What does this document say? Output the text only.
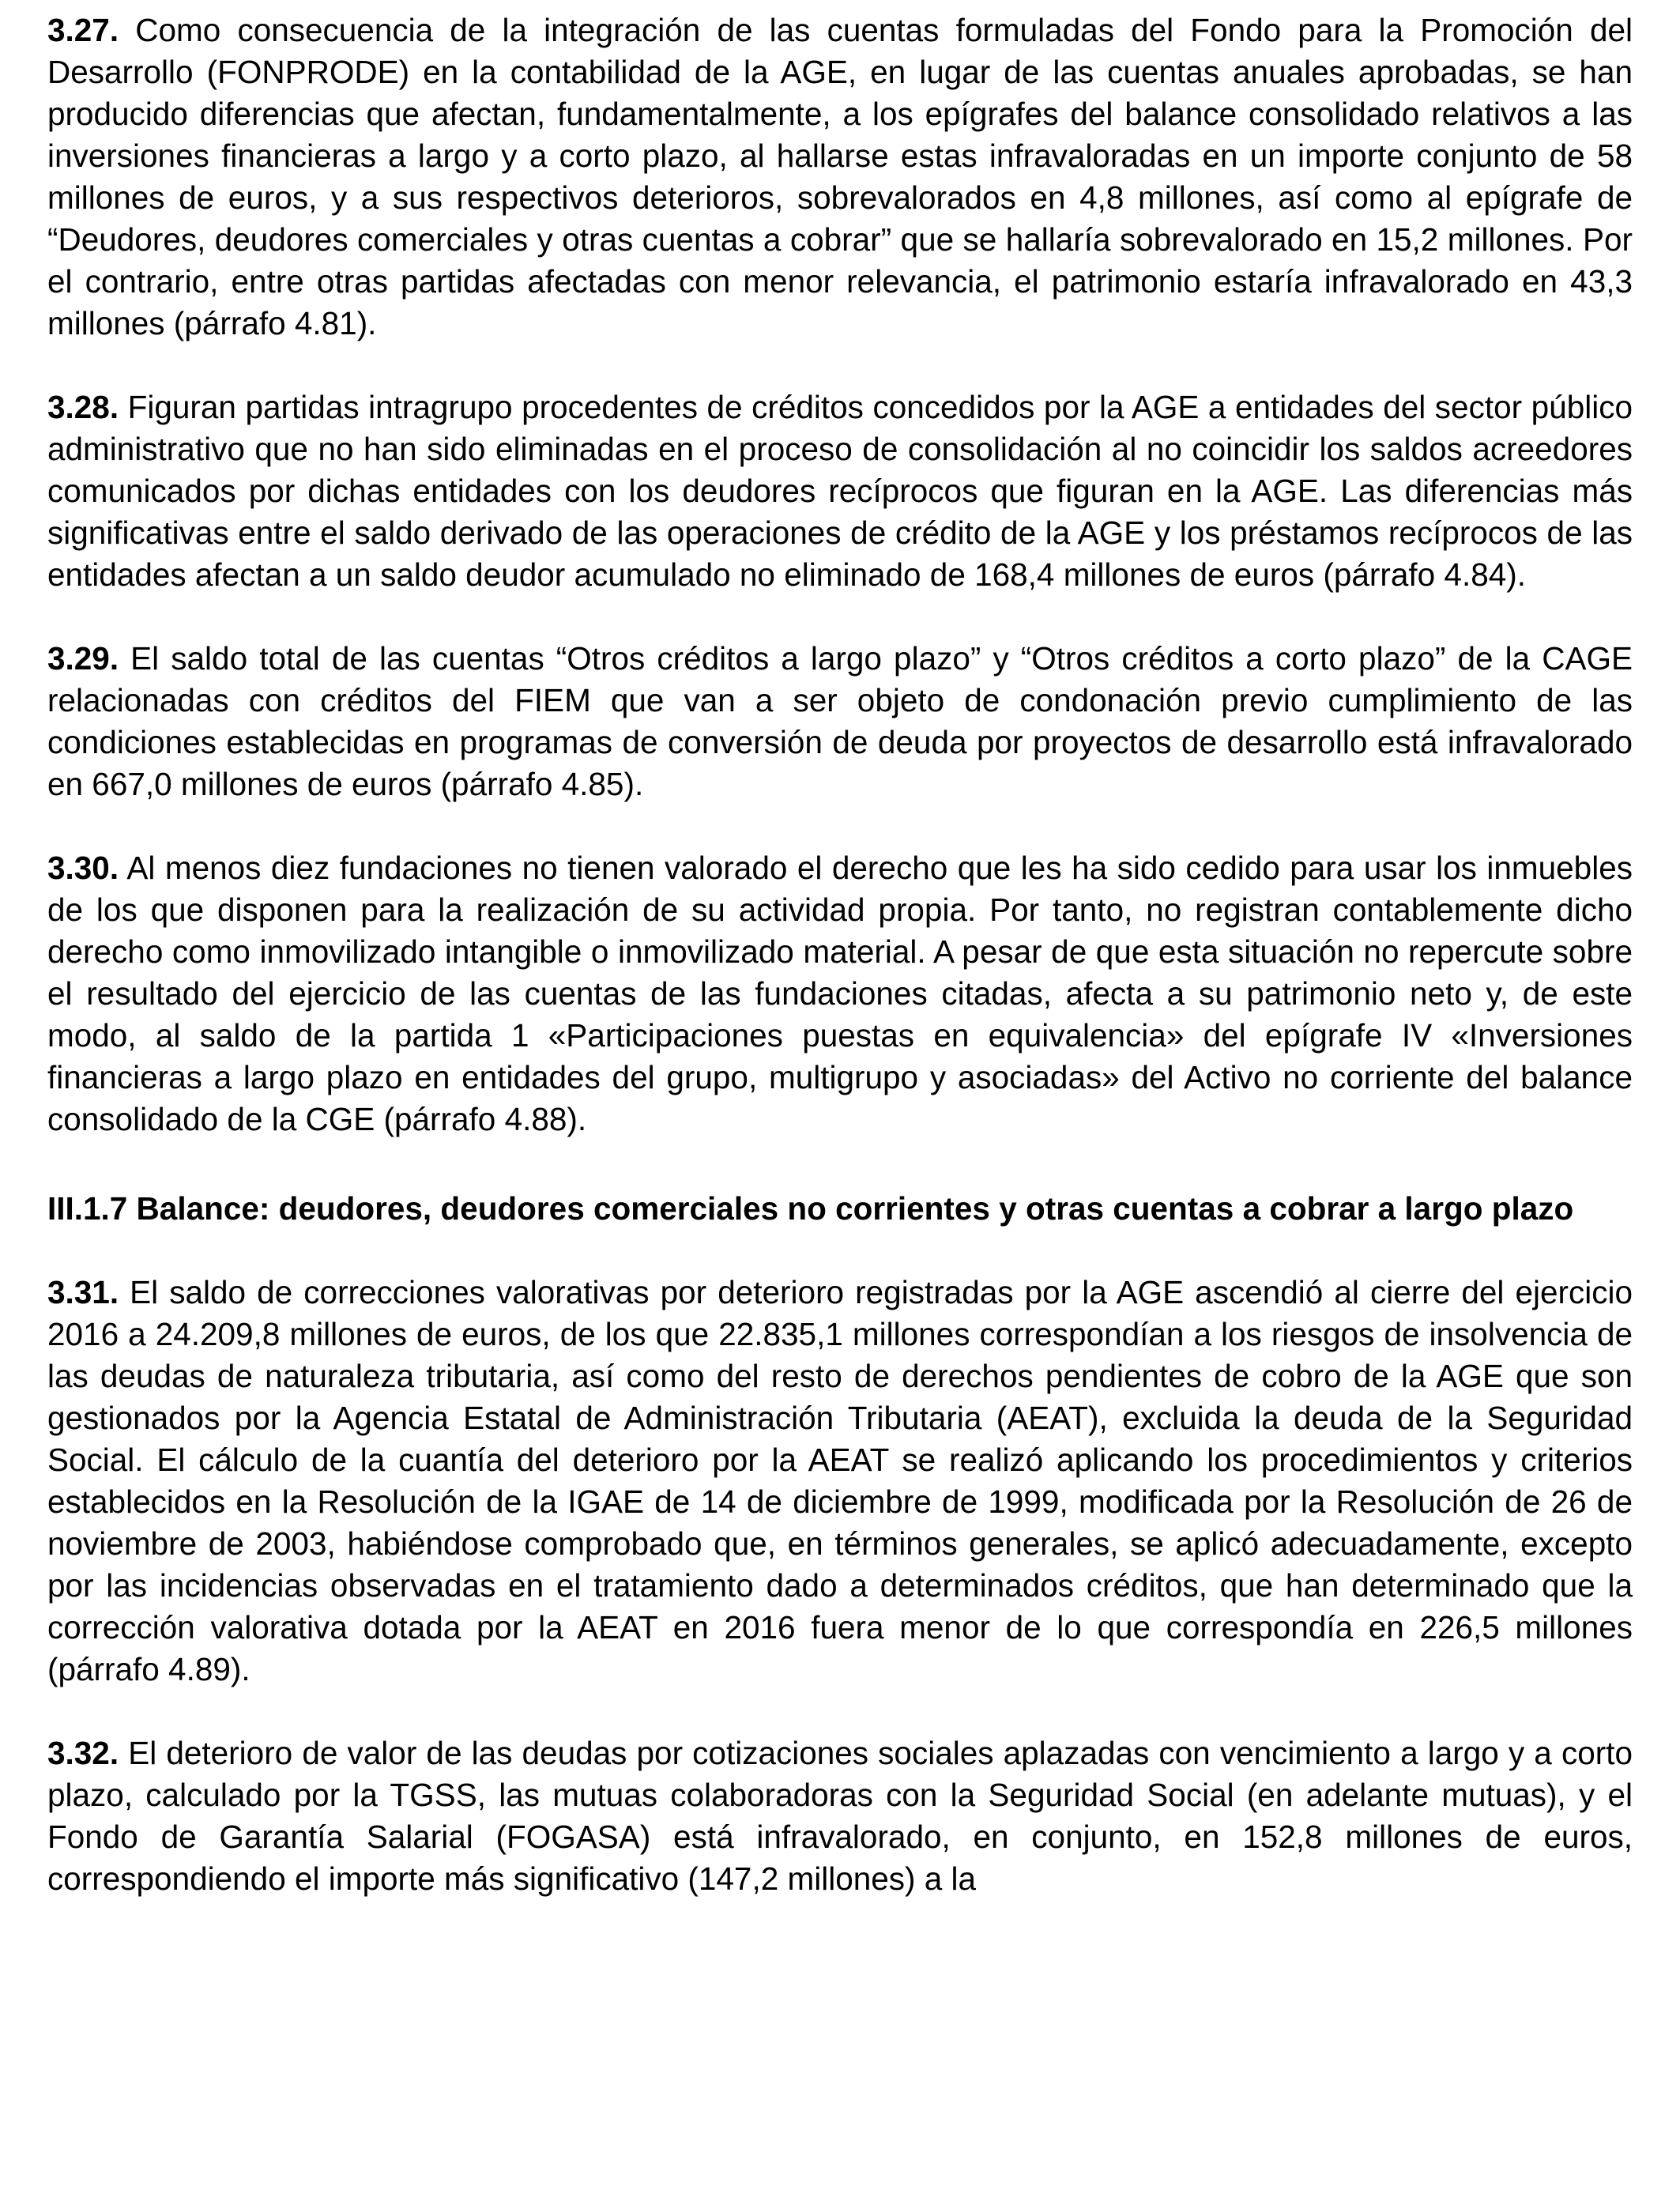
3.27. Como consecuencia de la integración de las cuentas formuladas del Fondo para la Promoción del Desarrollo (FONPRODE) en la contabilidad de la AGE, en lugar de las cuentas anuales aprobadas, se han producido diferencias que afectan, fundamentalmente, a los epígrafes del balance consolidado relativos a las inversiones financieras a largo y a corto plazo, al hallarse estas infravaloradas en un importe conjunto de 58 millones de euros, y a sus respectivos deterioros, sobrevalorados en 4,8 millones, así como al epígrafe de “Deudores, deudores comerciales y otras cuentas a cobrar” que se hallaría sobrevalorado en 15,2 millones. Por el contrario, entre otras partidas afectadas con menor relevancia, el patrimonio estaría infravalorado en 43,3 millones (párrafo 4.81).

3.28. Figuran partidas intragrupo procedentes de créditos concedidos por la AGE a entidades del sector público administrativo que no han sido eliminadas en el proceso de consolidación al no coincidir los saldos acreedores comunicados por dichas entidades con los deudores recíprocos que figuran en la AGE. Las diferencias más significativas entre el saldo derivado de las operaciones de crédito de la AGE y los préstamos recíprocos de las entidades afectan a un saldo deudor acumulado no eliminado de 168,4 millones de euros (párrafo 4.84).

3.29. El saldo total de las cuentas “Otros créditos a largo plazo” y “Otros créditos a corto plazo” de la CAGE relacionadas con créditos del FIEM que van a ser objeto de condonación previo cumplimiento de las condiciones establecidas en programas de conversión de deuda por proyectos de desarrollo está infravalorado en 667,0 millones de euros (párrafo 4.85).

3.30. Al menos diez fundaciones no tienen valorado el derecho que les ha sido cedido para usar los inmuebles de los que disponen para la realización de su actividad propia. Por tanto, no registran contablemente dicho derecho como inmovilizado intangible o inmovilizado material. A pesar de que esta situación no repercute sobre el resultado del ejercicio de las cuentas de las fundaciones citadas, afecta a su patrimonio neto y, de este modo, al saldo de la partida 1 «Participaciones puestas en equivalencia» del epígrafe IV «Inversiones financieras a largo plazo en entidades del grupo, multigrupo y asociadas» del Activo no corriente del balance consolidado de la CGE (párrafo 4.88).

III.1.7 Balance: deudores, deudores comerciales no corrientes y otras cuentas a cobrar a largo plazo

3.31. El saldo de correcciones valorativas por deterioro registradas por la AGE ascendió al cierre del ejercicio 2016 a 24.209,8 millones de euros, de los que 22.835,1 millones correspondían a los riesgos de insolvencia de las deudas de naturaleza tributaria, así como del resto de derechos pendientes de cobro de la AGE que son gestionados por la Agencia Estatal de Administración Tributaria (AEAT), excluida la deuda de la Seguridad Social. El cálculo de la cuantía del deterioro por la AEAT se realizó aplicando los procedimientos y criterios establecidos en la Resolución de la IGAE de 14 de diciembre de 1999, modificada por la Resolución de 26 de noviembre de 2003, habiéndose comprobado que, en términos generales, se aplicó adecuadamente, excepto por las incidencias observadas en el tratamiento dado a determinados créditos, que han determinado que la corrección valorativa dotada por la AEAT en 2016 fuera menor de lo que correspondía en 226,5 millones (párrafo 4.89).

3.32. El deterioro de valor de las deudas por cotizaciones sociales aplazadas con vencimiento a largo y a corto plazo, calculado por la TGSS, las mutuas colaboradoras con la Seguridad Social (en adelante mutuas), y el Fondo de Garantía Salarial (FOGASA) está infravalorado, en conjunto, en 152,8 millones de euros, correspondiendo el importe más significativo (147,2 millones) a la
